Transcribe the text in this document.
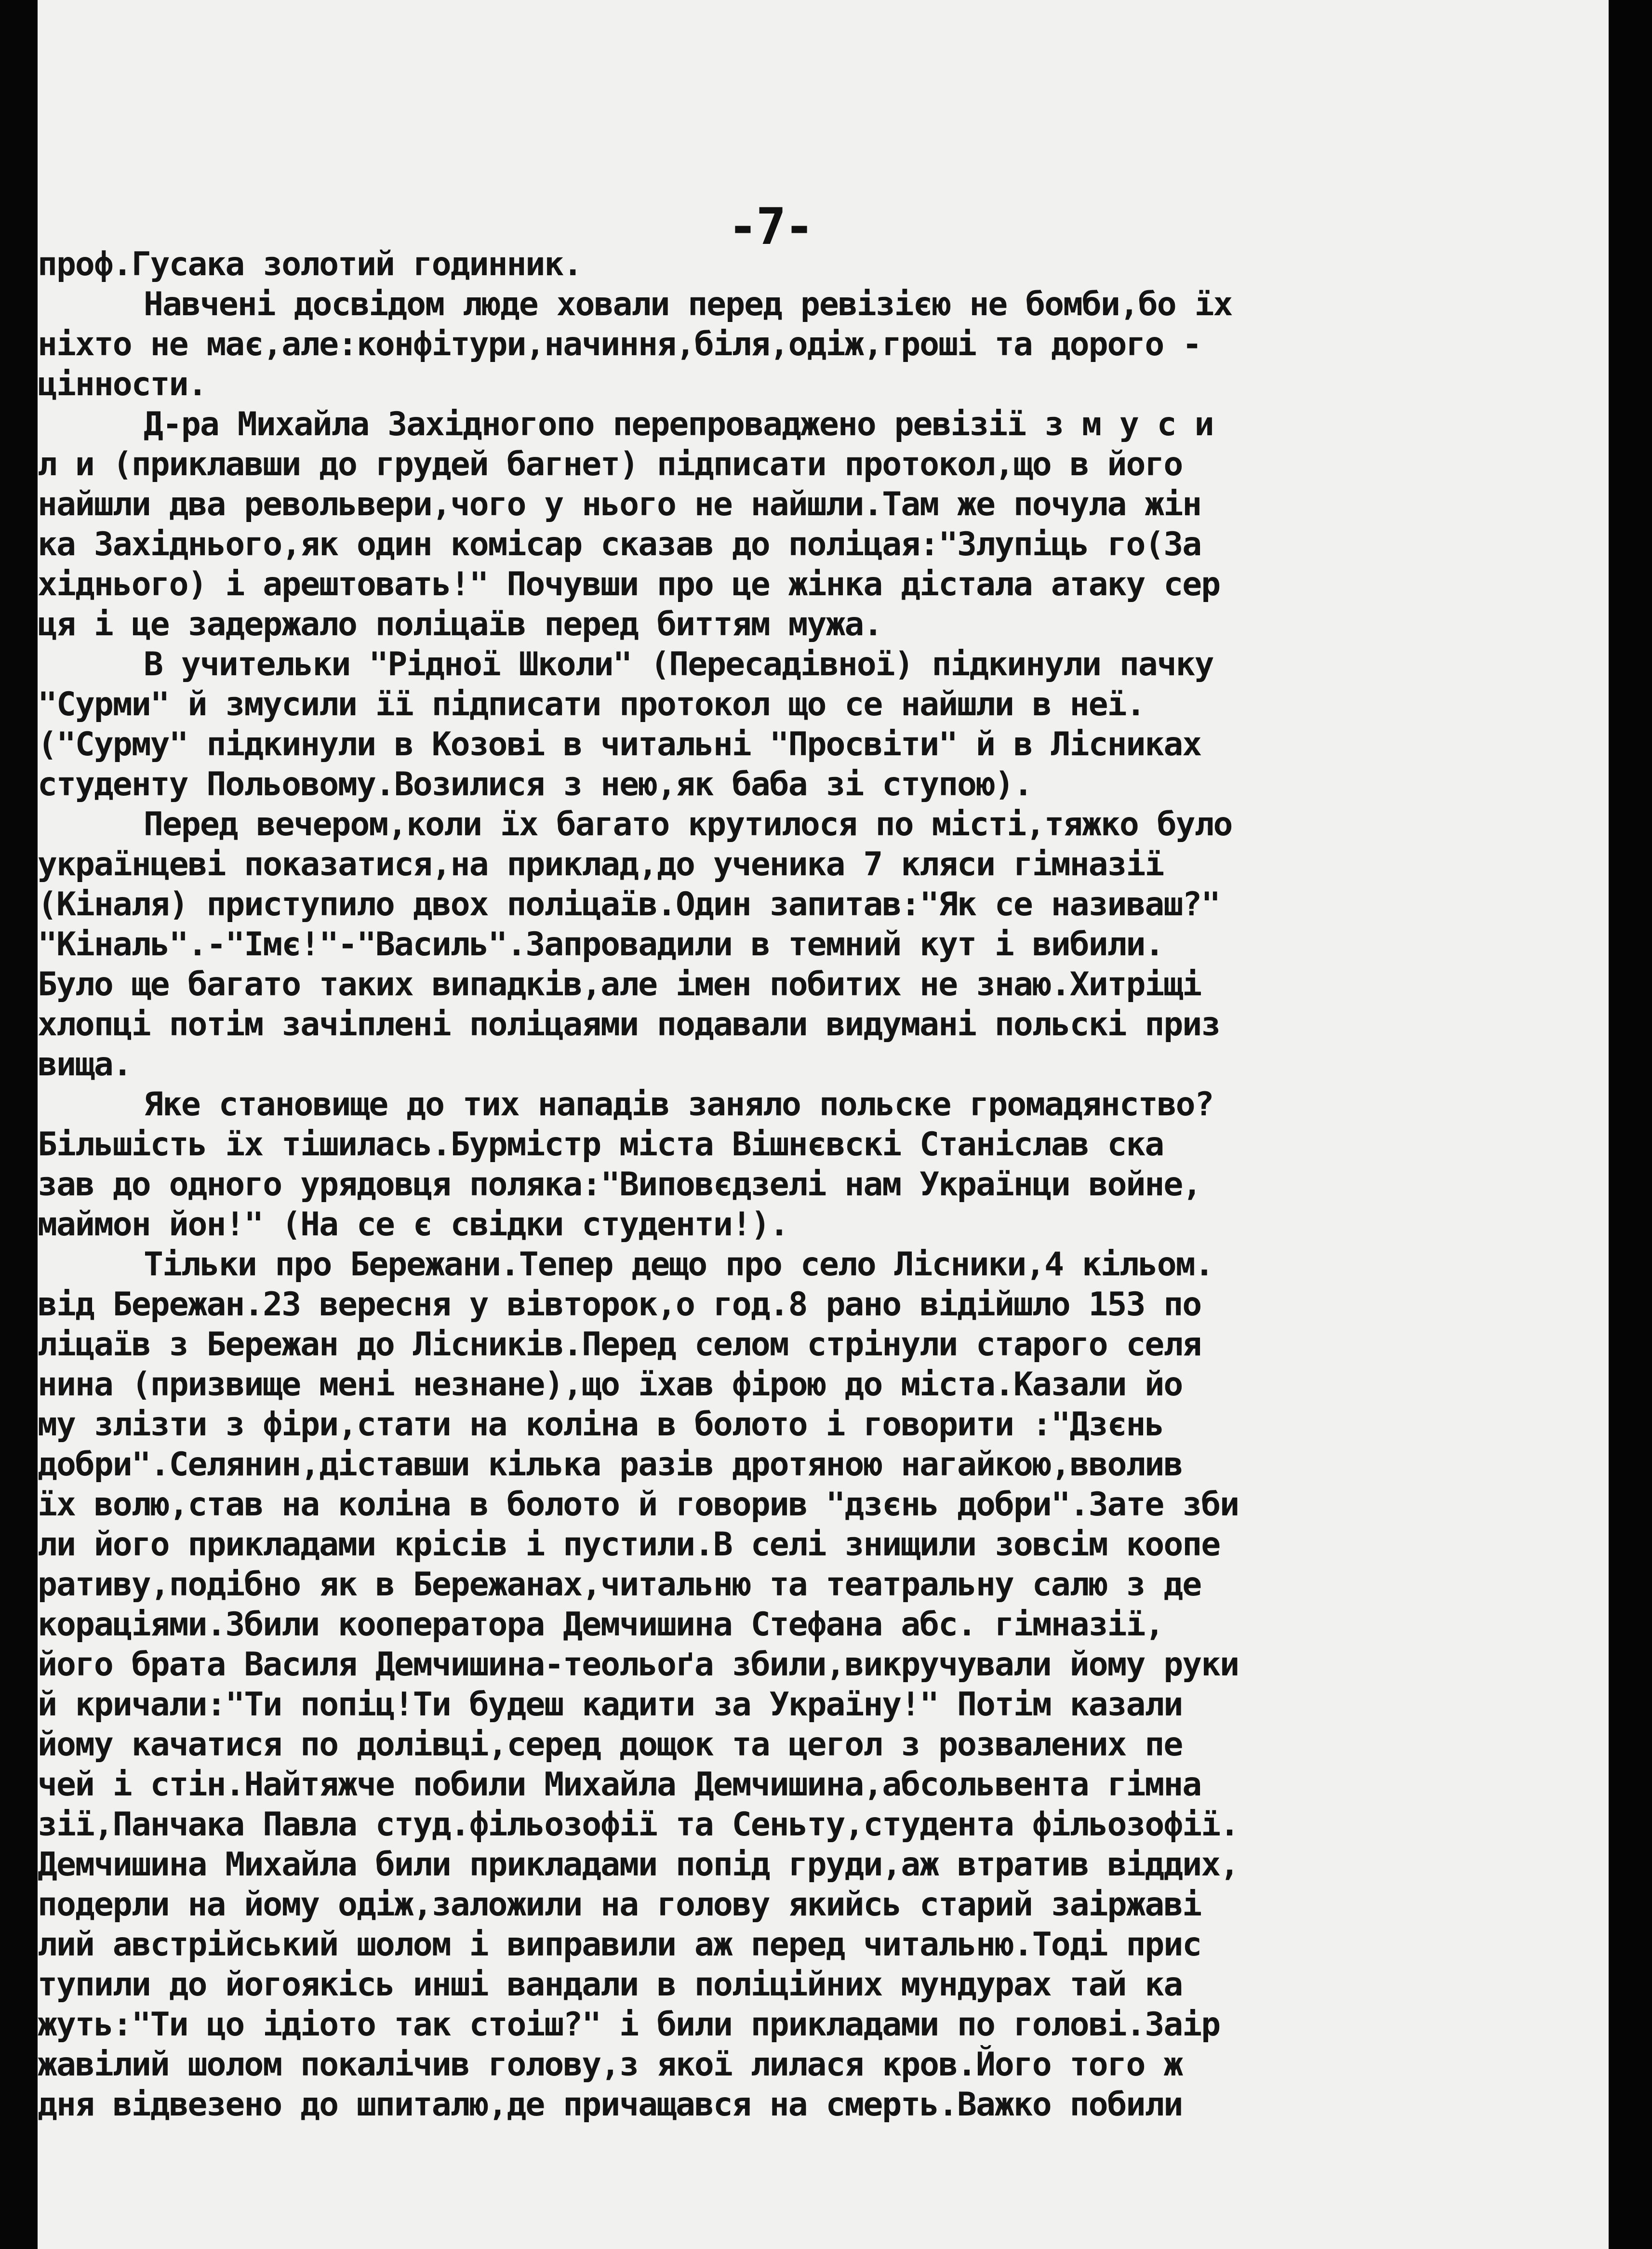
-7-
проф.Гусака золотий годинник.
Навчені досвідом люде ховали перед ревізією не бомби,бо їх
ніхто не має,але:конфітури,начиння,біля,одіж,гроші та дорого -
цінности.
Д-ра Михайла Західногопо перепроваджено ревізії з м у с и
л и (приклавши до грудей багнет) підписати протокол,що в його
найшли два револьвери,чого у нього не найшли.Там же почула жін
ка Західнього,як один комісар сказав до поліцая:"Злупіць го(За
хіднього) і арештовать!" Почувши про це жінка дістала атаку сер
ця і це задержало поліцаїв перед биттям мужа.
В учительки "Рідної Школи" (Пересадівної) підкинули пачку
"Сурми" й змусили її підписати протокол що се найшли в неї.
("Сурму" підкинули в Козові в читальні "Просвіти" й в Лісниках
студенту Польовому.Возилися з нею,як баба зі ступою).
Перед вечером,коли їх багато крутилося по місті,тяжко було
українцеві показатися,на приклад,до ученика 7 кляси гімназії
(Кіналя) приступило двох поліцаїв.Один запитав:"Як се називаш?"
"Кіналь".-"Імє!"-"Василь".Запровадили в темний кут і вибили.
Було ще багато таких випадків,але імен побитих не знаю.Хитріщі
хлопці потім зачіплені поліцаями подавали видумані польскі приз
вища.
Яке становище до тих нападів заняло польске громадянство?
Більшість їх тішилась.Бурмістр міста Вішнєвскі Станіслав ска
зав до одного урядовця поляка:"Виповєдзелі нам Українци войне,
маймон йон!" (На се є свідки студенти!).
Тільки про Бережани.Тепер дещо про село Лісники,4 кільом.
від Бережан.23 вересня у вівторок,о год.8 рано відійшло 153 по
ліцаїв з Бережан до Лісників.Перед селом стрінули старого селя
нина (призвище мені незнане),що їхав фірою до міста.Казали йо
му злізти з фіри,стати на коліна в болото і говорити :"Дзєнь
добри".Селянин,діставши кілька разів дротяною нагайкою,вволив
їх волю,став на коліна в болото й говорив "дзєнь добри".Зате зби
ли його прикладами крісів і пустили.В селі знищили зовсім коопе
ративу,подібно як в Бережанах,читальню та театральну салю з де
кораціями.Збили кооператора Демчишина Стефана абс. гімназії,
його брата Василя Демчишина-теольоґа збили,викручували йому руки
й кричали:"Ти попіц!Ти будеш кадити за Україну!" Потім казали
йому качатися по долівці,серед дощок та цегол з розвалених пе
чей і стін.Найтяжче побили Михайла Демчишина,абсольвента гімна
зії,Панчака Павла студ.фільозофії та Сеньту,студента фільозофії.
Демчишина Михайла били прикладами попід груди,аж втратив віддих,
подерли на йому одіж,заложили на голову якийсь старий заіржаві
лий австрійський шолом і виправили аж перед читальню.Тоді прис
тупили до йогоякісь инші вандали в поліційних мундурах тай ка
жуть:"Ти цо ідіото так стоіш?" і били прикладами по голові.Заір
жавілий шолом покалічив голову,з якої лилася кров.Його того ж
дня відвезено до шпиталю,де причащався на смерть.Важко побили
